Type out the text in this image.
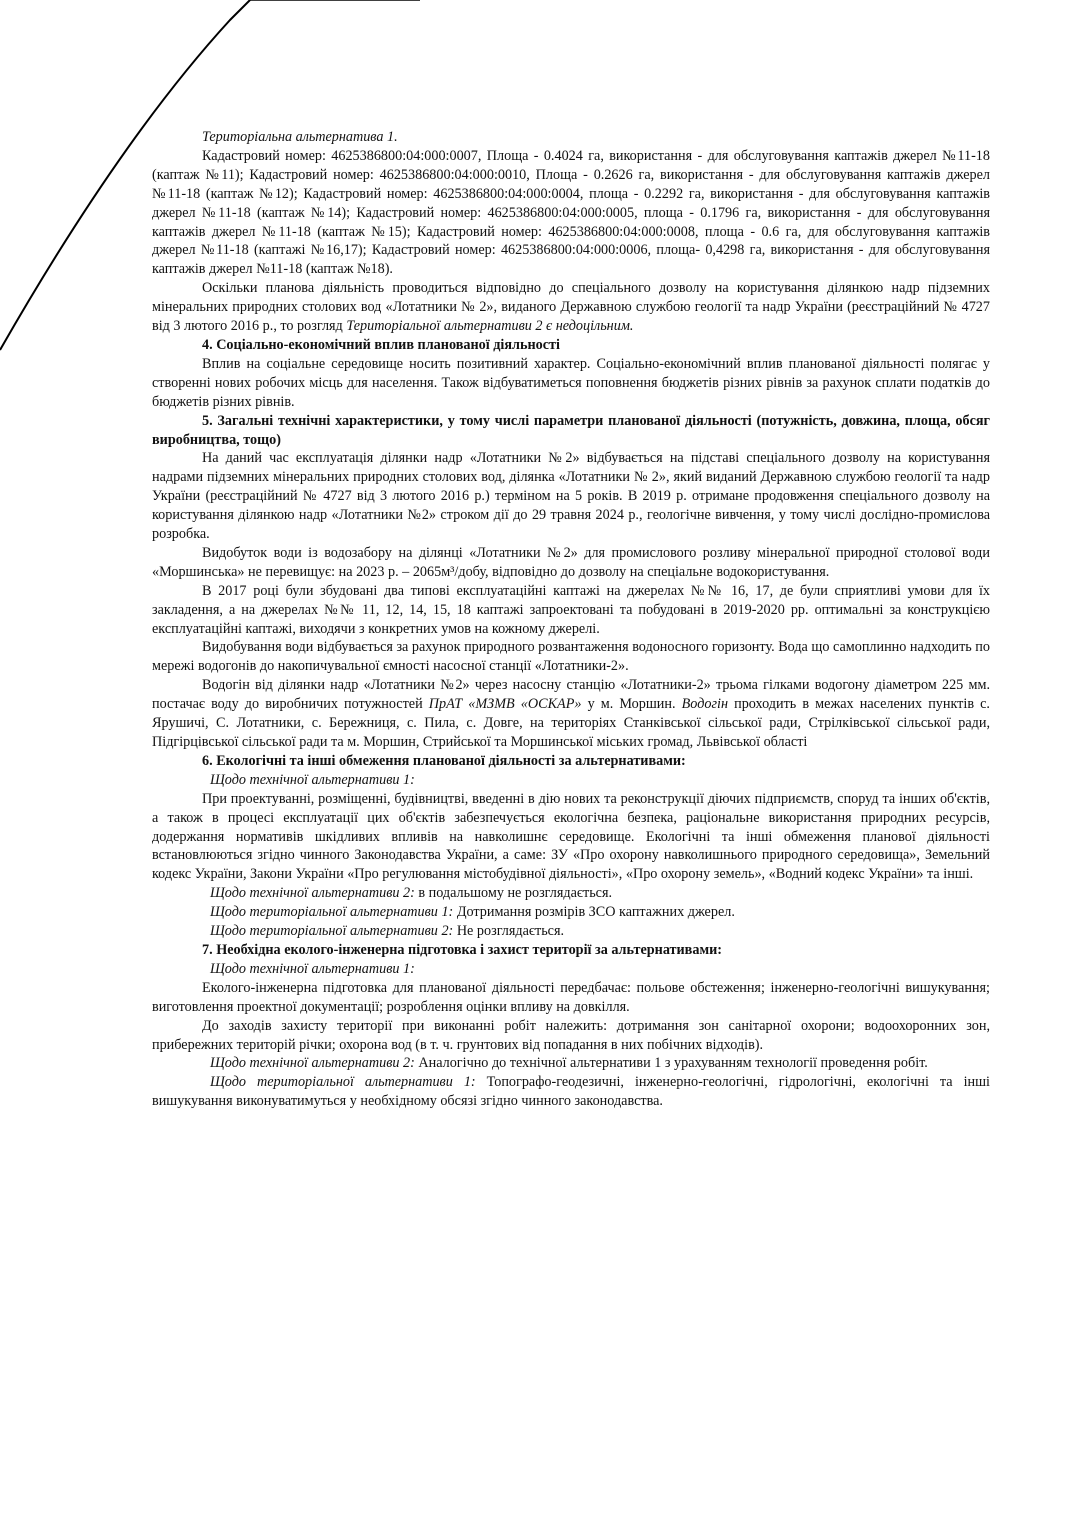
Територіальна альтернатива 1.

Кадастровий номер: 4625386800:04:000:0007, Площа - 0.4024 га, використання - для обслуговування каптажів джерел №11-18 (каптаж №11); Кадастровий номер: 4625386800:04:000:0010, Площа - 0.2626 га, використання - для обслуговування каптажів джерел №11-18 (каптаж №12); Кадастровий номер: 4625386800:04:000:0004, площа - 0.2292 га, використання - для обслуговування каптажів джерел №11-18 (каптаж №14); Кадастровий номер: 4625386800:04:000:0005, площа - 0.1796 га, використання - для обслуговування каптажів джерел №11-18 (каптаж №15); Кадастровий номер: 4625386800:04:000:0008, площа - 0.6 га, для обслуговування каптажів джерел №11-18 (каптажі №16,17); Кадастровий номер: 4625386800:04:000:0006, площа- 0,4298 га, використання - для обслуговування каптажів джерел №11-18 (каптаж №18).

Оскільки планова діяльність проводиться відповідно до спеціального дозволу на користування ділянкою надр підземних мінеральних природних столових вод «Лотатники № 2», виданого Державною службою геології та надр України (реєстраційний № 4727 від 3 лютого 2016 р., то розгляд Територіальної альтернативи 2 є недоцільним.

4. Соціально-економічний вплив планованої діяльності

Вплив на соціальне середовище носить позитивний характер. Соціально-економічний вплив планованої діяльності полягає у створенні нових робочих місць для населення. Також відбуватиметься поповнення бюджетів різних рівнів за рахунок сплати податків до бюджетів різних рівнів.

5. Загальні технічні характеристики, у тому числі параметри планованої діяльності (потужність, довжина, площа, обсяг виробництва, тощо)

На даний час експлуатація ділянки надр «Лотатники №2» відбувається на підставі спеціального дозволу на користування надрами підземних мінеральних природних столових вод, ділянка «Лотатники № 2», який виданий Державною службою геології та надр України (реєстраційний № 4727 від 3 лютого 2016 р.) терміном на 5 років. В 2019 р. отримане продовження спеціального дозволу на користування ділянкою надр «Лотатники №2» строком дії до 29 травня 2024 р., геологічне вивчення, у тому числі дослідно-промислова розробка.

Видобуток води із водозабору на ділянці «Лотатники №2» для промислового розливу мінеральної природної столової води «Моршинська» не перевищує: на 2023 р. – 2065м³/добу, відповідно до дозволу на спеціальне водокористування.

В 2017 році були збудовані два типові експлуатаційні каптажі на джерелах №№ 16, 17, де були сприятливі умови для їх закладення, а на джерелах №№ 11, 12, 14, 15, 18 каптажі запроектовані та побудовані в 2019-2020 рр. оптимальні за конструкцією експлуатаційні каптажі, виходячи з конкретних умов на кожному джерелі.

Видобування води відбувається за рахунок природного розвантаження водоносного горизонту. Вода що самоплинно надходить по мережі водогонів до накопичувальної ємності насосної станції «Лотатники-2».

Водогін від ділянки надр «Лотатники №2» через насосну станцію «Лотатники-2» трьома гілками водогону діаметром 225 мм. постачає воду до виробничих потужностей ПрАТ «МЗМВ «ОСКАР» у м. Моршин. Водогін проходить в межах населених пунктів с. Ярушичі, С. Лотатники, с. Бережниця, с. Пила, с. Довге, на територіях Станківської сільської ради, Стрілківської сільської ради, Підгірцівської сільської ради та м. Моршин, Стрийської та Моршинської міських громад, Львівської області

6. Екологічні та інші обмеження планованої діяльності за альтернативами:

Щодо технічної альтернативи 1:

При проектуванні, розміщенні, будівництві, введенні в дію нових та реконструкції діючих підприємств, споруд та інших об'єктів, а також в процесі експлуатації цих об'єктів забезпечується екологічна безпека, раціональне використання природних ресурсів, додержання нормативів шкідливих впливів на навколишнє середовище. Екологічні та інші обмеження планової діяльності встановлюються згідно чинного Законодавства України, а саме: ЗУ «Про охорону навколишнього природного середовища», Земельний кодекс України, Закони України «Про регулювання містобудівної діяльності», «Про охорону земель», «Водний кодекс України» та інші.

Щодо технічної альтернативи 2: в подальшому не розглядається.

Щодо територіальної альтернативи 1: Дотримання розмірів ЗСО каптажних джерел.

Щодо територіальної альтернативи 2: Не розглядається.

7. Необхідна еколого-інженерна підготовка і захист території за альтернативами:

Щодо технічної альтернативи 1:

Еколого-інженерна підготовка для планованої діяльності передбачає: польове обстеження; інженерно-геологічні вишукування; виготовлення проектної документації; розроблення оцінки впливу на довкілля.

До заходів захисту території при виконанні робіт належить: дотримання зон санітарної охорони; водоохоронних зон, прибережних територій річки; охорона вод (в т. ч. грунтових від попадання в них побічних відходів).

Щодо технічної альтернативи 2: Аналогічно до технічної альтернативи 1 з урахуванням технології проведення робіт.

Щодо територіальної альтернативи 1: Топографо-геодезичні, інженерно-геологічні, гідрологічні, екологічні та інші вишукування виконуватимуться у необхідному обсязі згідно чинного законодавства.
